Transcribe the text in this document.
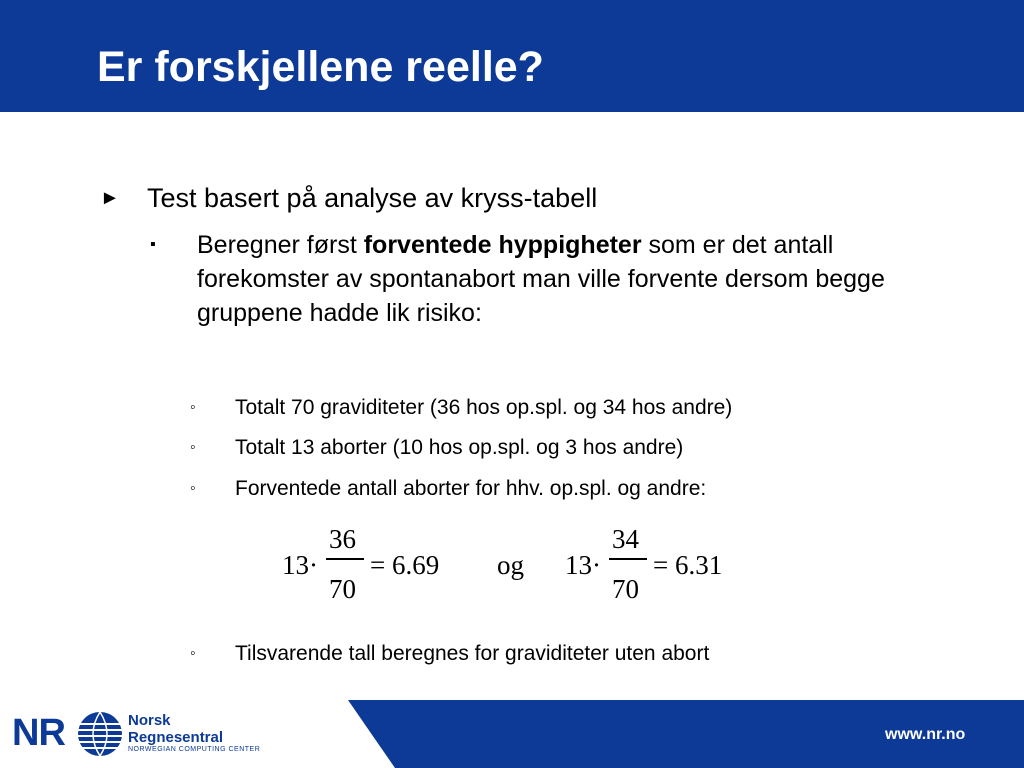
Er forskjellene reelle?
► Test basert på analyse av kryss-tabell
▪ Beregner først forventede hyppigheter som er det antall forekomster av spontanabort man ville forvente dersom begge gruppene hadde lik risiko:
◦ Totalt 70 graviditeter (36 hos op.spl. og 34 hos andre)
◦ Totalt 13 aborter (10 hos op.spl. og 3 hos andre)
◦ Forventede antall aborter for hhv. op.spl. og andre:
13·
36
70
= 6.69 og 13·
34
70
= 6.31
◦ Tilsvarende tall beregnes for graviditeter uten abort
NR	Norsk
Regnesentral
NORWEGIAN COMPUTING CENTER
www.nr.no
